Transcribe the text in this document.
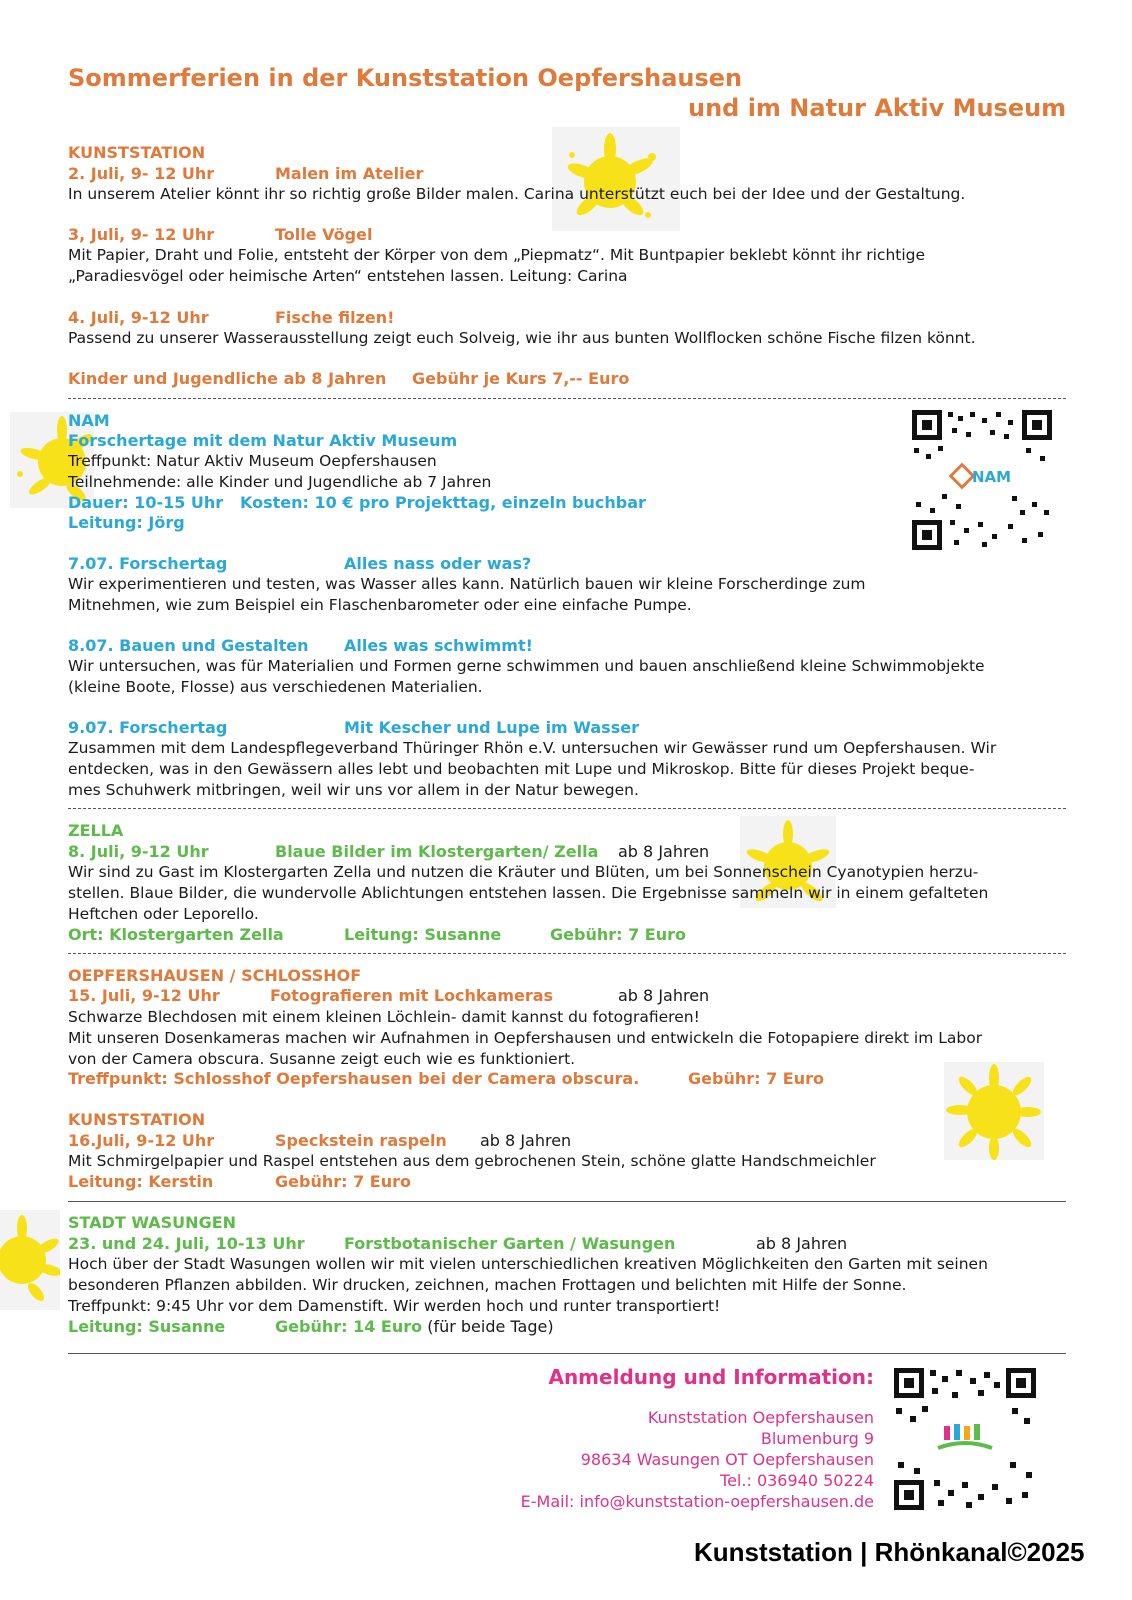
Sommerferien in der Kunststation Oepfershausen
und im Natur Aktiv Museum
KUNSTSTATION
2. Juli, 9- 12 Uhr	Malen im Atelier
In unserem Atelier könnt ihr so richtig große Bilder malen. Carina unterstützt euch bei der Idee und der Gestaltung.
3, Juli, 9- 12 Uhr	Tolle Vögel
Mit Papier, Draht und Folie, entsteht der Körper von dem „Piepmatz“. Mit Buntpapier beklebt könnt ihr richtige
„Paradiesvögel oder heimische Arten“ entstehen lassen. Leitung: Carina
4. Juli, 9-12 Uhr	Fische filzen!
Passend zu unserer Wasserausstellung zeigt euch Solveig, wie ihr aus bunten Wollflocken schöne Fische filzen könnt.
Kinder und Jugendliche ab 8 Jahren Gebühr je Kurs 7,-- Euro
NAM
Forschertage mit dem Natur Aktiv Museum
Treffpunkt: Natur Aktiv Museum Oepfershausen
Teilnehmende: alle Kinder und Jugendliche ab 7 Jahren
Dauer: 10-15 Uhr Kosten: 10 € pro Projekttag, einzeln buchbar
Leitung: Jörg
NAM
7.07. Forschertag	Alles nass oder was?
Wir experimentieren und testen, was Wasser alles kann. Natürlich bauen wir kleine Forscherdinge zum
Mitnehmen, wie zum Beispiel ein Flaschenbarometer oder eine einfache Pumpe.
8.07. Bauen und Gestalten Alles was schwimmt!
Wir untersuchen, was für Materialien und Formen gerne schwimmen und bauen anschließend kleine Schwimmobjekte
(kleine Boote, Flosse) aus verschiedenen Materialien.
9.07. Forschertag	Mit Kescher und Lupe im Wasser
Zusammen mit dem Landespflegeverband Thüringer Rhön e.V. untersuchen wir Gewässer rund um Oepfershausen. Wir
entdecken, was in den Gewässern alles lebt und beobachten mit Lupe und Mikroskop. Bitte für dieses Projekt beque-
mes Schuhwerk mitbringen, weil wir uns vor allem in der Natur bewegen.
ZELLA
8. Juli, 9-12 Uhr	Blaue Bilder im Klostergarten/ Zella ab 8 Jahren
Wir sind zu Gast im Klostergarten Zella und nutzen die Kräuter und Blüten, um bei Sonnenschein Cyanotypien herzu-
stellen. Blaue Bilder, die wundervolle Ablichtungen entstehen lassen. Die Ergebnisse sammeln wir in einem gefalteten
Heftchen oder Leporello.
Ort: Klostergarten Zella	Leitung: Susanne	Gebühr: 7 Euro
OEPFERSHAUSEN / SCHLOSSHOF
15. Juli, 9-12 Uhr	Fotografieren mit Lochkameras	ab 8 Jahren
Schwarze Blechdosen mit einem kleinen Löchlein- damit kannst du fotografieren!
Mit unseren Dosenkameras machen wir Aufnahmen in Oepfershausen und entwickeln die Fotopapiere direkt im Labor
von der Camera obscura. Susanne zeigt euch wie es funktioniert.
Treffpunkt: Schlosshof Oepfershausen bei der Camera obscura.	Gebühr: 7 Euro
KUNSTSTATION
16.Juli, 9-12 Uhr	Speckstein raspeln ab 8 Jahren
Mit Schmirgelpapier und Raspel entstehen aus dem gebrochenen Stein, schöne glatte Handschmeichler
Leitung: Kerstin	Gebühr: 7 Euro
STADT WASUNGEN
23. und 24. Juli, 10-13 Uhr Forstbotanischer Garten / Wasungen	ab 8 Jahren
Hoch über der Stadt Wasungen wollen wir mit vielen unterschiedlichen kreativen Möglichkeiten den Garten mit seinen
besonderen Pflanzen abbilden. Wir drucken, zeichnen, machen Frottagen und belichten mit Hilfe der Sonne.
Treffpunkt: 9:45 Uhr vor dem Damenstift. Wir werden hoch und runter transportiert!
Leitung: Susanne	Gebühr: 14 Euro (für beide Tage)
Anmeldung und Information:
Kunststation Oepfershausen
Blumenburg 9
98634 Wasungen OT Oepfershausen
Tel.: 036940 50224
E-Mail: info@kunststation-oepfershausen.de
Kunststation | Rhönkanal©2025
